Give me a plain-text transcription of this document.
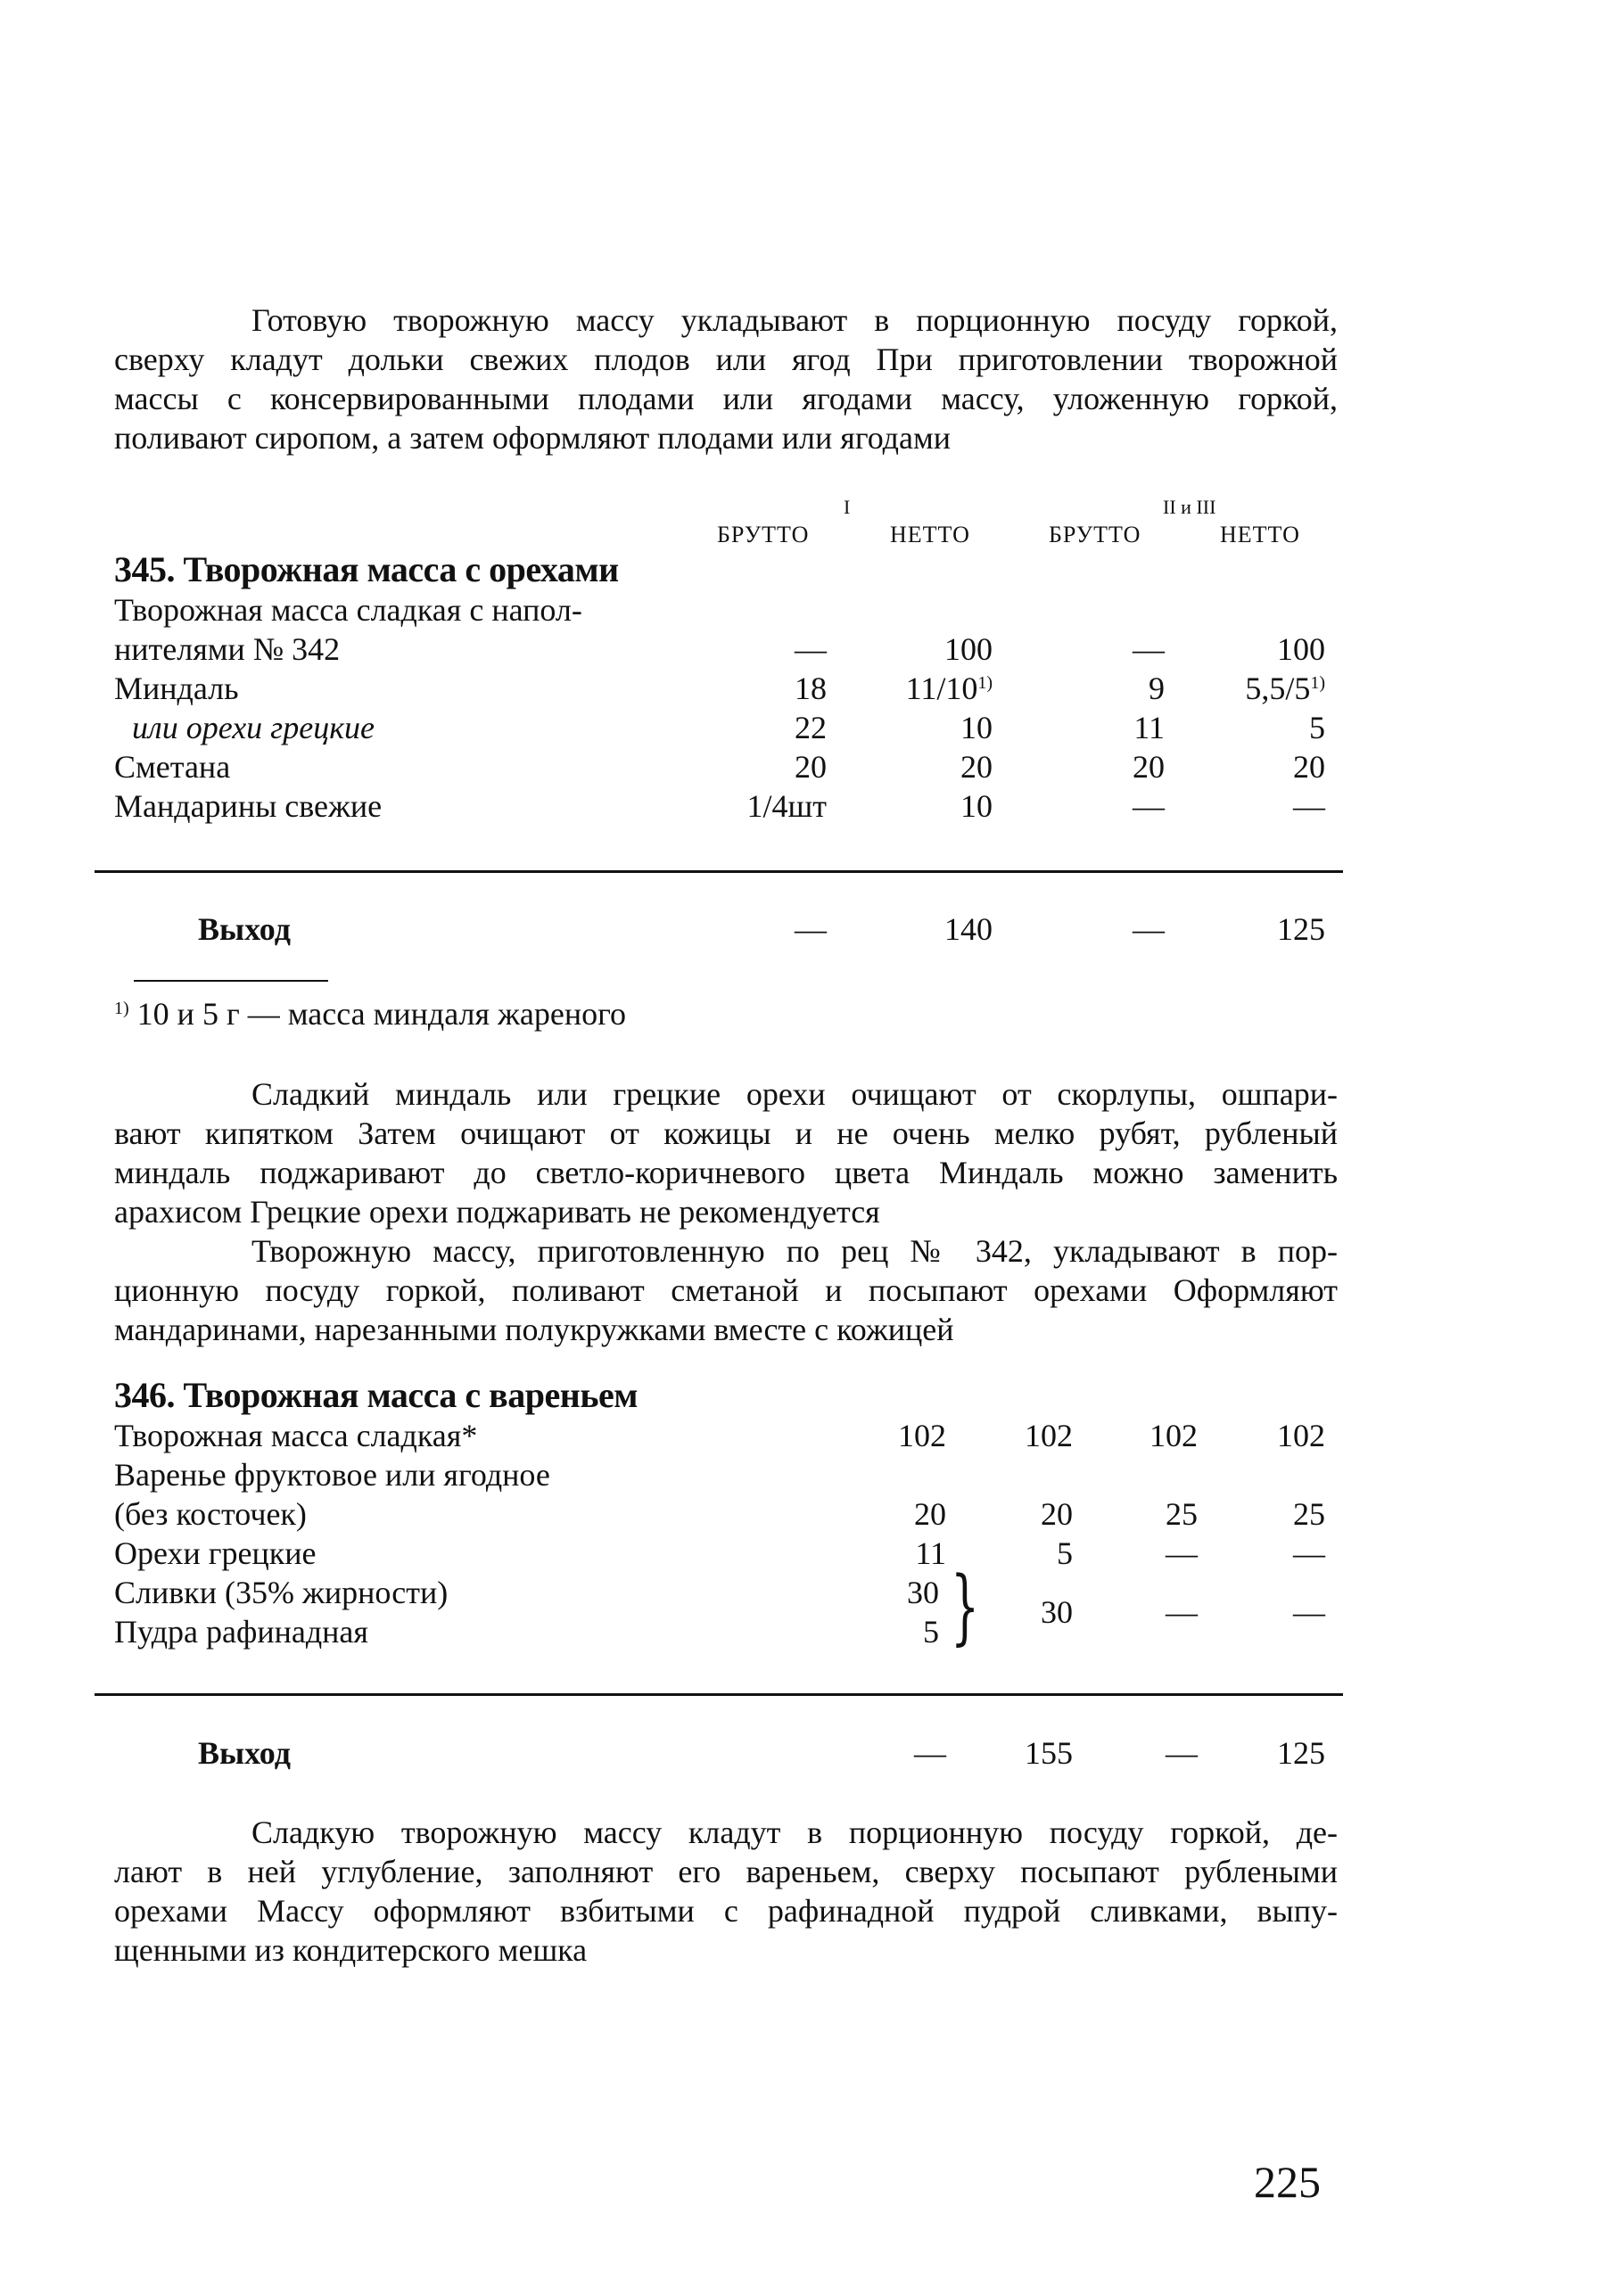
Готовую творожную массу укладывают в порционную посуду горкой,
сверху кладут дольки свежих плодов или ягод При приготовлении творожной
массы с консервированными плодами или ягодами массу, уложенную горкой,
поливают сиропом, а затем оформляют плодами или ягодами
I	II и III
БРУТТО	НЕТТО	БРУТТО	НЕТТО
345. Творожная масса с орехами
Творожная масса сладкая с напол-
нителями № 342	—	100	—	100
Миндаль	18	11/10$^{1)}$	9	5,5/5$^{1)}$
или орехи грецкие	22	10	11	5
Сметана	20	20	20	20
Мандарины свежие	1/4шт	10	—	—
Выход	—	140	—	125
$^{1)}$ 10 и 5 г — масса миндаля жареного
Сладкий миндаль или грецкие орехи очищают от скорлупы, ошпари-
вают кипятком Затем очищают от кожицы и не очень мелко рубят, рубленый
миндаль поджаривают до светло-коричневого цвета Миндаль можно заменить
арахисом Грецкие орехи поджаривать не рекомендуется
Творожную массу, приготовленную по рец № 342, укладывают в пор-
ционную посуду горкой, поливают сметаной и посыпают орехами Оформляют
мандаринами, нарезанными полукружками вместе с кожицей
346. Творожная масса с вареньем
Творожная масса сладкая*	102	102	102	102
Варенье фруктовое или ягодное
(без косточек)	20	20	25	25
Орехи грецкие	11	5	—	—
Сливки (35% жирности)	30
Пудра рафинадная	5 }	30	—	—
Выход	—	155	—	125
Сладкую творожную массу кладут в порционную посуду горкой, де-
лают в ней углубление, заполняют его вареньем, сверху посыпают рублеными
орехами Массу оформляют взбитыми с рафинадной пудрой сливками, выпу-
щенными из кондитерского мешка
225
